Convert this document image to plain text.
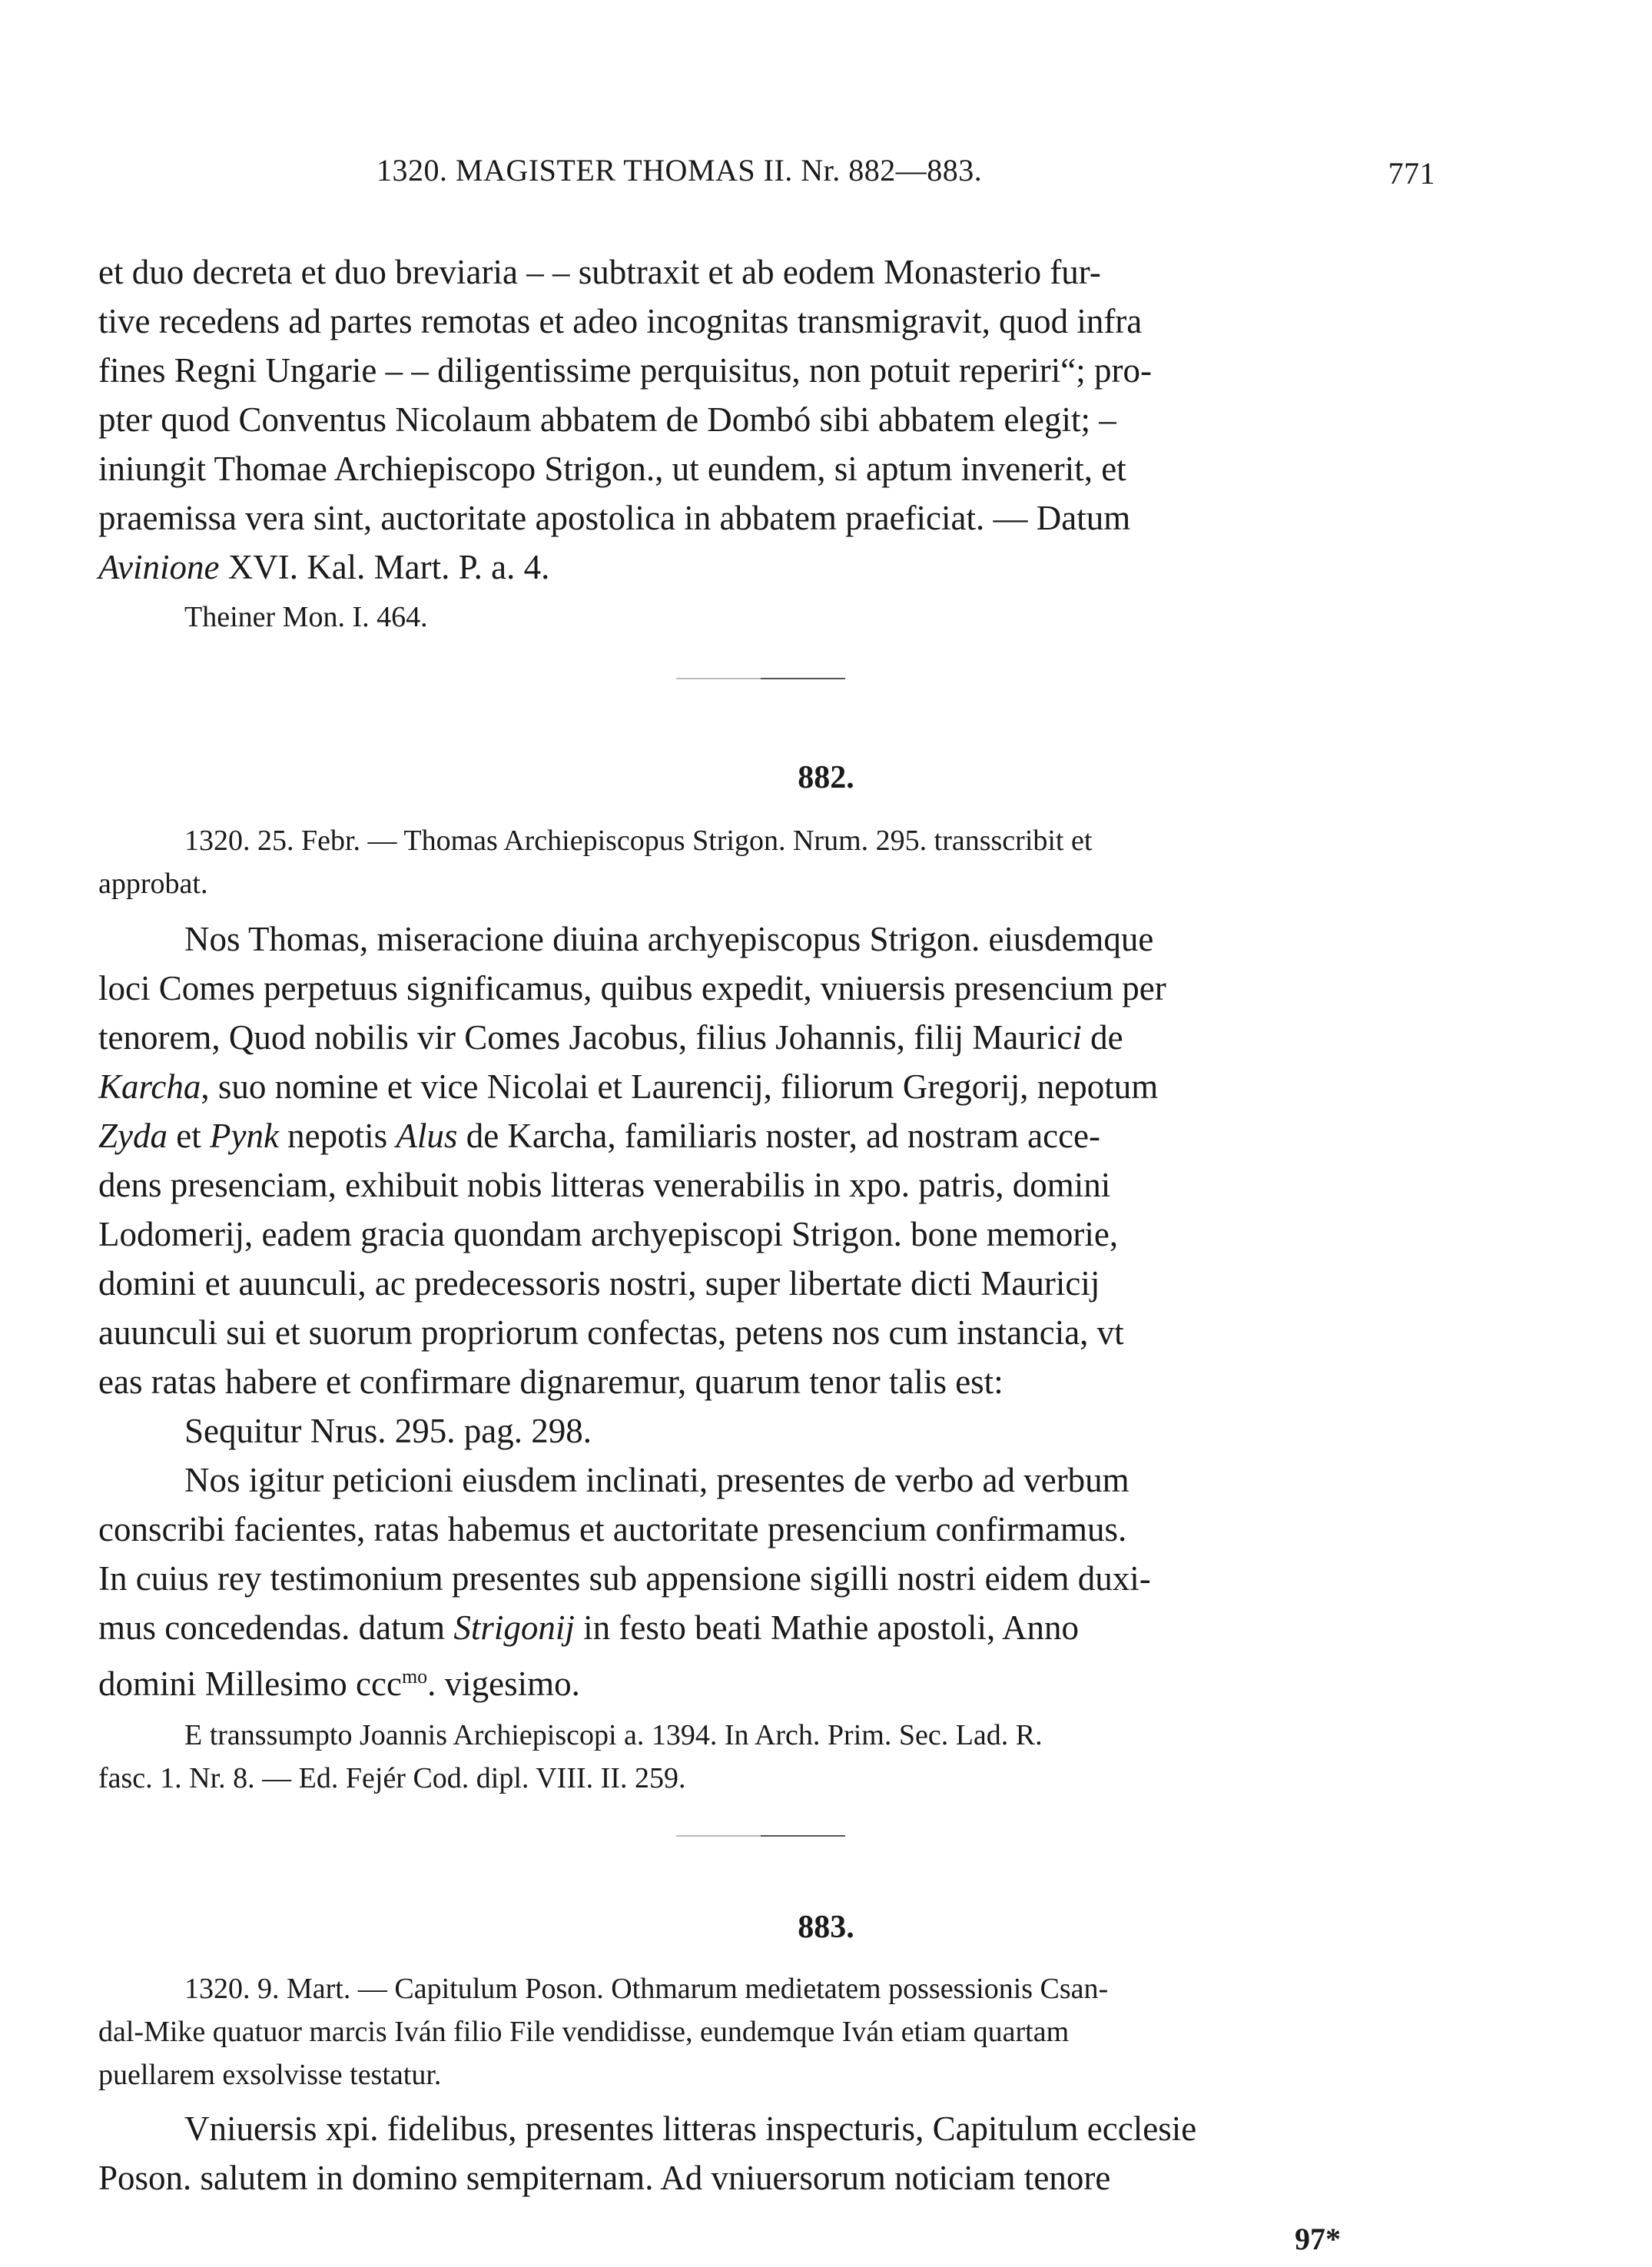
1320. MAGISTER THOMAS II. Nr. 882—883.	771
et duo decreta et duo breviaria – – subtraxit et ab eodem Monasterio fur-
tive recedens ad partes remotas et adeo incognitas transmigravit, quod infra
fines Regni Ungarie – – diligentissime perquisitus, non potuit reperiri“; pro-
pter quod Conventus Nicolaum abbatem de Dombó sibi abbatem elegit; –
iniungit Thomae Archiepiscopo Strigon., ut eundem, si aptum invenerit, et
praemissa vera sint, auctoritate apostolica in abbatem praeficiat. — Datum
Avinione XVI. Kal. Mart. P. a. 4.
Theiner Mon. I. 464.
882.
1320. 25. Febr. — Thomas Archiepiscopus Strigon. Nrum. 295. transscribit et
approbat.
Nos Thomas, miseracione diuina archyepiscopus Strigon. eiusdemque
loci Comes perpetuus significamus, quibus expedit, vniuersis presencium per
tenorem, Quod nobilis vir Comes Jacobus, filius Johannis, filij Maurici de
Karcha, suo nomine et vice Nicolai et Laurencij, filiorum Gregorij, nepotum
Zyda et Pynk nepotis Alus de Karcha, familiaris noster, ad nostram acce-
dens presenciam, exhibuit nobis litteras venerabilis in xpo. patris, domini
Lodomerij, eadem gracia quondam archyepiscopi Strigon. bone memorie,
domini et auunculi, ac predecessoris nostri, super libertate dicti Mauricij
auunculi sui et suorum propriorum confectas, petens nos cum instancia, vt
eas ratas habere et confirmare dignaremur, quarum tenor talis est:
Sequitur Nrus. 295. pag. 298.
Nos igitur peticioni eiusdem inclinati, presentes de verbo ad verbum
conscribi facientes, ratas habemus et auctoritate presencium confirmamus.
In cuius rey testimonium presentes sub appensione sigilli nostri eidem duxi-
mus concedendas. datum Strigonij in festo beati Mathie apostoli, Anno
domini Millesimo ccc$^{mo}$. vigesimo.
E transsumpto Joannis Archiepiscopi a. 1394. In Arch. Prim. Sec. Lad. R.
fasc. 1. Nr. 8. — Ed. Fejér Cod. dipl. VIII. II. 259.
883.
1320. 9. Mart. — Capitulum Poson. Othmarum medietatem possessionis Csan-
dal-Mike quatuor marcis Iván filio File vendidisse, eundemque Iván etiam quartam
puellarem exsolvisse testatur.
Vniuersis xpi. fidelibus, presentes litteras inspecturis, Capitulum ecclesie
Poson. salutem in domino sempiternam. Ad vniuersorum noticiam tenore
97*
